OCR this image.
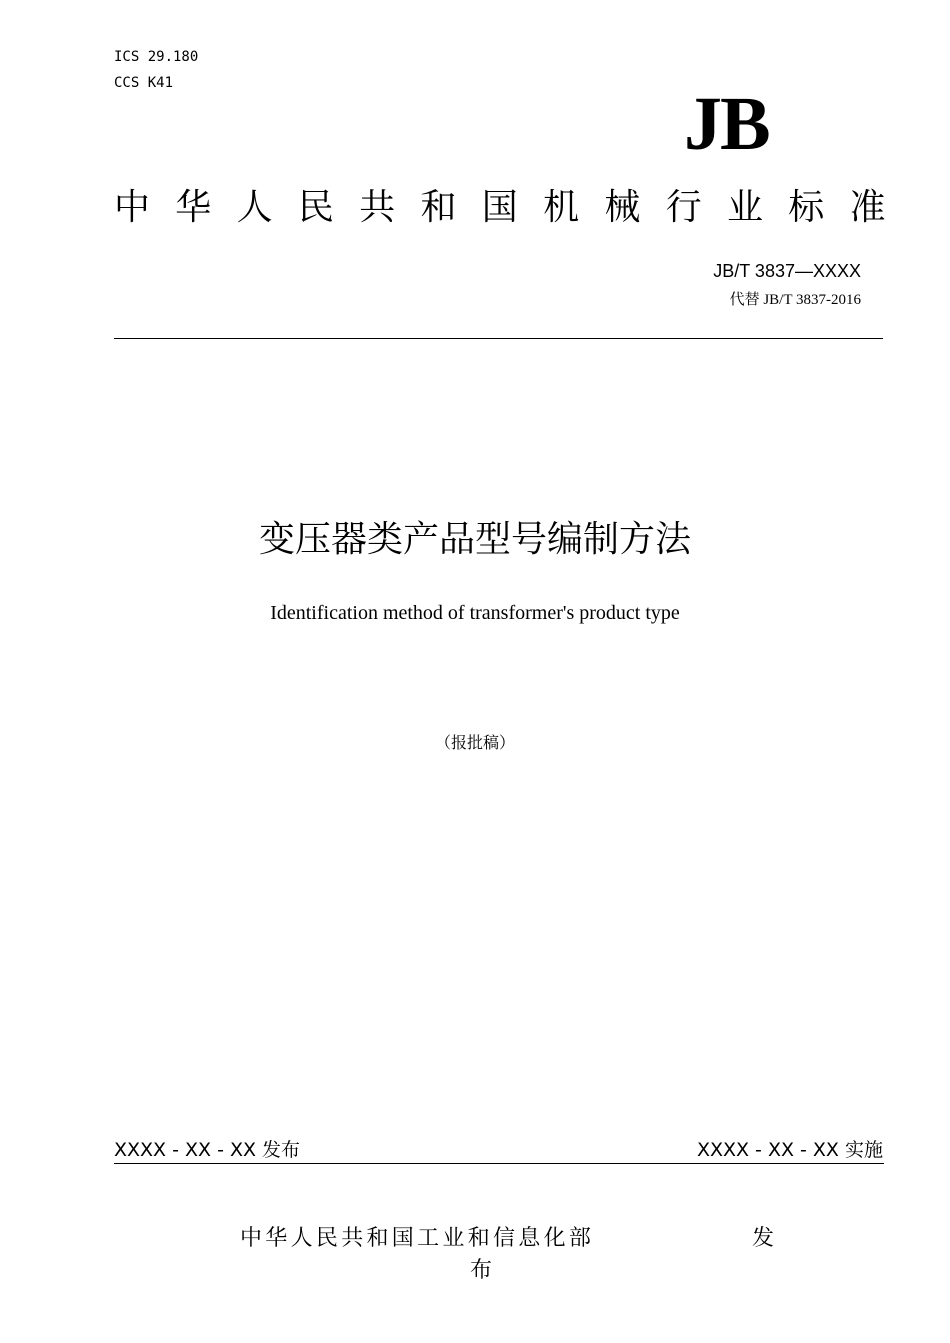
ICS 29.180
CCS K41	JB
中华人民共和国机械行业标准
JB/T 3837—XXXX
代替 JB/T 3837-2016
变压器类产品型号编制方法
Identification method of transformer's product type
（报批稿）
XXXX - XX - XX 发布	XXXX - XX - XX 实施
中华人民共和国工业和信息化部	发
布
